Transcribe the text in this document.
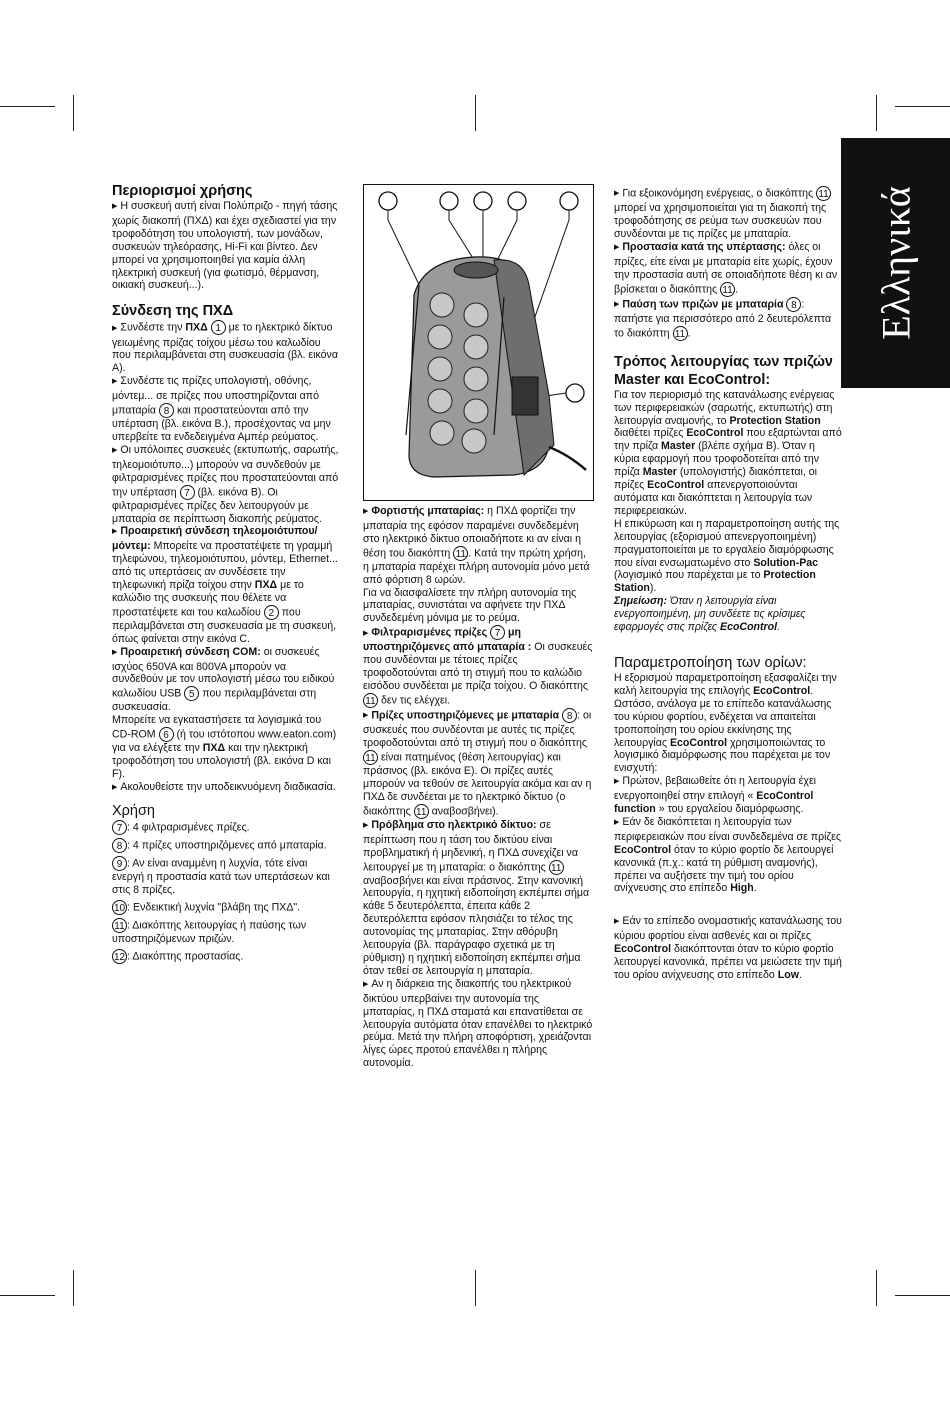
Ελληνικά

Περιορισμοί χρήσης

▶ Η συσκευή αυτή είναι Πολύπριζο - πηγή τάσης χωρίς διακοπή (ΠΧΔ) και έχει σχεδιαστεί για την τροφοδότηση του υπολογιστή, των μονάδων, συσκευών τηλεόρασης, Hi-Fi και βίντεο. Δεν μπορεί να χρησιμοποιηθεί για καμία άλλη ηλεκτρική συσκευή (για φωτισμό, θέρμανση, οικιακή συσκευή...).

Σύνδεση της ΠΧΔ

▶ Συνδέστε την ΠΧΔ 1 με το ηλεκτρικό δίκτυο γειωμένης πρίζας τοίχου μέσω του καλωδίου που περιλαμβάνεται στη συσκευασία (βλ. εικόνα A).

▶ Συνδέστε τις πρίζες υπολογιστή, οθόνης, μόντεμ... σε πρίζες που υποστηρίζονται από μπαταρία 8 και προστατεύονται από την υπέρταση (βλ. εικόνα B.), προσέχοντας να μην υπερβείτε τα ενδεδειγμένα Αμπέρ ρεύματος.

▶ Οι υπόλοιπες συσκευές (εκτυπωτής, σαρωτής, τηλεομοιότυπο...) μπορούν να συνδεθούν με φιλτραρισμένες πρίζες που προστατεύονται από την υπέρταση 7 (βλ. εικόνα B). Οι φιλτραρισμένες πρίζες δεν λειτουργούν με μπαταρία σε περίπτωση διακοπής ρεύματος.

▶ Προαιρετική σύνδεση τηλεομοιότυπου/μόντεμ: Μπορείτε να προστατέψετε τη γραμμή τηλεφώνου, τηλεομοιότυπου, μόντεμ, Ethernet... από τις υπερτάσεις αν συνδέσετε την τηλεφωνική πρίζα τοίχου στην ΠΧΔ με το καλώδιο της συσκευής που θέλετε να προστατέψετε και του καλωδίου 2 που περιλαμβάνεται στη συσκευασία με τη συσκευή, όπως φαίνεται στην εικόνα C.

▶ Προαιρετική σύνδεση COM: οι συσκευές ισχύος 650VA και 800VA μπορούν να συνδεθούν με τον υπολογιστή μέσω του ειδικού καλωδίου USB 5 που περιλαμβάνεται στη συσκευασία.

Μπορείτε να εγκαταστήσετε τα λογισμικά του CD-ROM 6 (ή του ιστότοπου www.eaton.com) για να ελέγξετε την ΠΧΔ και την ηλεκτρική τροφοδότηση του υπολογιστή (βλ. εικόνα D και F).

▶ Ακολουθείστε την υποδεικνυόμενη διαδικασία.

Χρήση

7 : 4 φιλτραρισμένες πρίζες.
8 : 4 πρίζες υποστηριζόμενες από μπαταρία.
9 : Αν είναι αναμμένη η λυχνία, τότε είναι ενεργή η προστασία κατά των υπερτάσεων και στις 8 πρίζες.
10 : Ενδεικτική λυχνία "βλάβη της ΠΧΔ".
11 : Διακόπτης λειτουργίας ή παύσης των υποστηριζόμενων πριζών.
12 : Διακόπτης προστασίας.

▶ Φορτιστής μπαταρίας: η ΠΧΔ φορτίζει την μπαταρία της εφόσον παραμένει συνδεδεμένη στο ηλεκτρικό δίκτυο οποιαδήποτε κι αν είναι η θέση του διακόπτη 11 . Κατά την πρώτη χρήση, η μπαταρία παρέχει πλήρη αυτονομία μόνο μετά από φόρτιση 8 ωρών.

Για να διασφαλίσετε την πλήρη αυτονομία της μπαταρίας, συνιστάται να αφήνετε την ΠΧΔ συνδεδεμένη μόνιμα με το ρεύμα.

▶ Φιλτραρισμένες πρίζες 7 μη υποστηριζόμενες από μπαταρία : Οι συσκευές που συνδέονται με τέτοιες πρίζες τροφοδοτούνται από τη στιγμή που το καλώδιο εισόδου συνδέεται με πρίζα τοίχου. Ο διακόπτης 11 δεν τις ελέγχει.

▶ Πρίζες υποστηριζόμενες με μπαταρία 8 : οι συσκευές που συνδέονται με αυτές τις πρίζες τροφοδοτούνται από τη στιγμή που ο διακόπτης 11 είναι πατημένος (θέση λειτουργίας) και πράσινος (βλ. εικόνα E). Οι πρίζες αυτές μπορούν να τεθούν σε λειτουργία ακόμα και αν η ΠΧΔ δε συνδέεται με το ηλεκτρικό δίκτυο (ο διακόπτης 11 αναβοσβήνει).

▶ Πρόβλημα στο ηλεκτρικό δίκτυο: σε περίπτωση που η τάση του δικτύου είναι προβληματική ή μηδενική, η ΠΧΔ συνεχίζει να λειτουργεί με τη μπαταρία: ο διακόπτης 11 αναβοσβήνει και είναι πράσινος. Στην κανονική λειτουργία, η ηχητική ειδοποίηση εκπέμπει σήμα κάθε 5 δευτερόλεπτα, έπειτα κάθε 2 δευτερόλεπτα εφόσον πλησιάζει το τέλος της αυτονομίας της μπαταρίας. Στην αθόρυβη λειτουργία (βλ. παράγραφο σχετικά με τη ρύθμιση) η ηχητική ειδοποίηση εκπέμπει σήμα όταν τεθεί σε λειτουργία η μπαταρία.

▶ Αν η διάρκεια της διακοπής του ηλεκτρικού δικτύου υπερβαίνει την αυτονομία της μπαταρίας, η ΠΧΔ σταματά και επανατίθεται σε λειτουργία αυτόματα όταν επανέλθει το ηλεκτρικό ρεύμα. Μετά την πλήρη αποφόρτιση, χρειάζονται λίγες ώρες προτού επανέλθει η πλήρης αυτονομία.

▶ Για εξοικονόμηση ενέργειας, ο διακόπτης 11 μπορεί να χρησιμοποιείται για τη διακοπή της τροφοδότησης σε ρεύμα των συσκευών που συνδέονται με τις πρίζες με μπαταρία.

▶ Προστασία κατά της υπέρτασης: όλες οι πρίζες, είτε είναι με μπαταρία είτε χωρίς, έχουν την προστασία αυτή σε οποιαδήποτε θέση κι αν βρίσκεται ο διακόπτης 11 .

▶ Παύση των πριζών με μπαταρία 8 : πατήστε για περισσότερο από 2 δευτερόλεπτα το διακόπτη 11 .

Τρόπος λειτουργίας των πριζών Master και EcoControl:

Για τον περιορισμό της κατανάλωσης ενέργειας των περιφερειακών (σαρωτής, εκτυπωτής) στη λειτουργία αναμονής, το Protection Station διαθέτει πρίζες EcoControl που εξαρτώνται από την πρίζα Master (βλέπε σχήμα B). Όταν η κύρια εφαρμογή που τροφοδοτείται από την πρίζα Master (υπολογιστής) διακόπτεται, οι πρίζες EcoControl απενεργοποιούνται αυτόματα και διακόπτεται η λειτουργία των περιφερειακών.

Η επικύρωση και η παραμετροποίηση αυτής της λειτουργίας (εξορισμού απενεργοποιημένη) πραγματοποιείται με το εργαλείο διαμόρφωσης που είναι ενσωματωμένο στο Solution-Pac (λογισμικό που παρέχεται με το Protection Station).

Σημείωση: Όταν η λειτουργία είναι ενεργοποιημένη, μη συνδέετε τις κρίσιμες εφαρμογές στις πρίζες EcoControl.

Παραμετροποίηση των ορίων:

Η εξορισμού παραμετροποίηση εξασφαλίζει την καλή λειτουργία της επιλογής EcoControl.

Ωστόσο, ανάλογα με το επίπεδο κατανάλωσης του κύριου φορτίου, ενδέχεται να απαιτείται τροποποίηση του ορίου εκκίνησης της λειτουργίας EcoControl χρησιμοποιώντας το λογισμικό διαμόρφωσης που παρέχεται με τον ενισχυτή:

▶ Πρώτον, βεβαιωθείτε ότι η λειτουργία έχει ενεργοποιηθεί στην επιλογή « EcoControl function » του εργαλείου διαμόρφωσης.

▶ Εάν δε διακόπτεται η λειτουργία των περιφερειακών που είναι συνδεδεμένα σε πρίζες EcoControl όταν το κύριο φορτίο δε λειτουργεί κανονικά (π.χ.: κατά τη ρύθμιση αναμονής), πρέπει να αυξήσετε την τιμή του ορίου ανίχνευσης στο επίπεδο High.

▶ Εάν το επίπεδο ονομαστικής κατανάλωσης του κύριου φορτίου είναι ασθενές και οι πρίζες EcoControl διακόπτονται όταν το κύριο φορτίο λειτουργεί κανονικά, πρέπει να μειώσετε την τιμή του ορίου ανίχνευσης στο επίπεδο Low.
